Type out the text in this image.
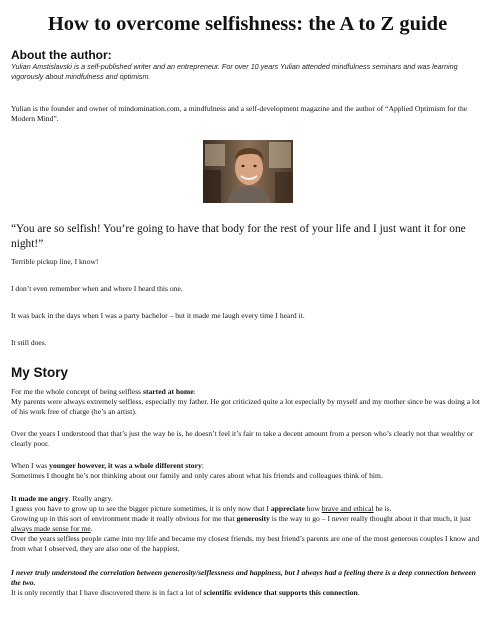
How to overcome selfishness: the A to Z guide
About the author:

Yulian Amstislavski is a self-published writer and an entrepreneur. For over 10 years Yulian attended mindfulness seminars and was learning vigorously about mindfulness and optimism.

Yulian is the founder and owner of mindomination.com, a mindfulness and a self-development magazine and the author of “Applied Optimism for the Modern Mind”.

“You are so selfish! You’re going to have that body for the rest of your life and I just want it for one night!”

Terrible pickup line, I know!

I don’t even remember when and where I heard this one.

It was back in the days when I was a party bachelor – but it made me laugh every time I heard it.

It still does.

My Story
For me the whole concept of being selfless started at home:
My parents were always extremely selfless, especially my father. He got criticized quite a lot especially by myself and my mother since he was doing a lot of his work free of charge (he’s an artist).

Over the years I understood that that’s just the way he is, he doesn’t feel it’s fair to take a decent amount from a person who’s clearly not that wealthy or clearly poor.

When I was younger however, it was a whole different story:
Sometimes I thought he’s not thinking about our family and only cares about what his friends and colleagues think of him.
It made me angry. Really angry.
I guess you have to grow up to see the bigger picture sometimes, it is only now that I appreciate how brave and ethical he is.
Growing up in this sort of environment made it really obvious for me that generosity is the way to go – I never really thought about it that much, it just always made sense for me.
Over the years selfless people came into my life and became my closest friends, my best friend’s parents are one of the most generous couples I know and from what I observed, they are also one of the happiest.
I never truly understood the correlation between generosity/selflessness and happiness, but I always had a feeling there is a deep connection between the two.
It is only recently that I have discovered there is in fact a lot of scientific evidence that supports this connection.
